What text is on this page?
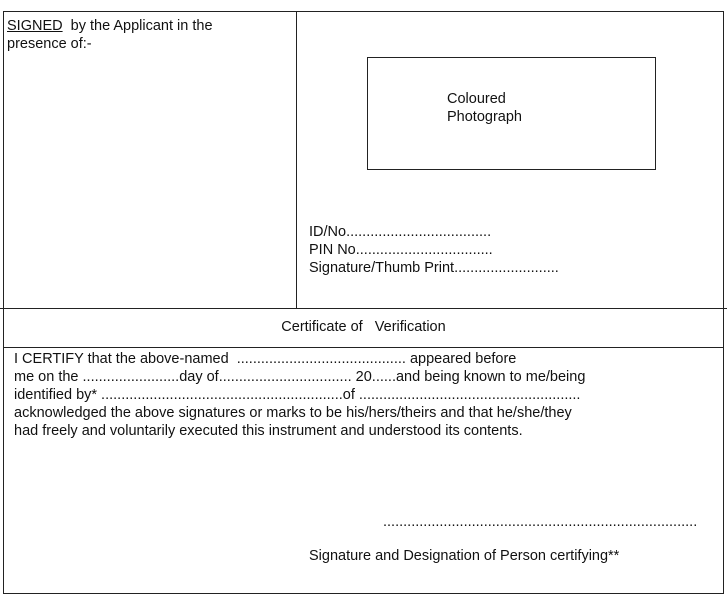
SIGNED  by the Applicant in the
presence of:-
Coloured
Photograph
ID/No....................................
PIN No..................................
Signature/Thumb Print..........................
Certificate of   Verification
I CERTIFY that the above-named  .......................................... appeared before
me on the ........................day of................................. 20......and being known to me/being
identified by* ............................................................of .......................................................
acknowledged the above signatures or marks to be his/hers/theirs and that he/she/they
had freely and voluntarily executed this instrument and understood its contents.
..............................................................................
Signature and Designation of Person certifying**
